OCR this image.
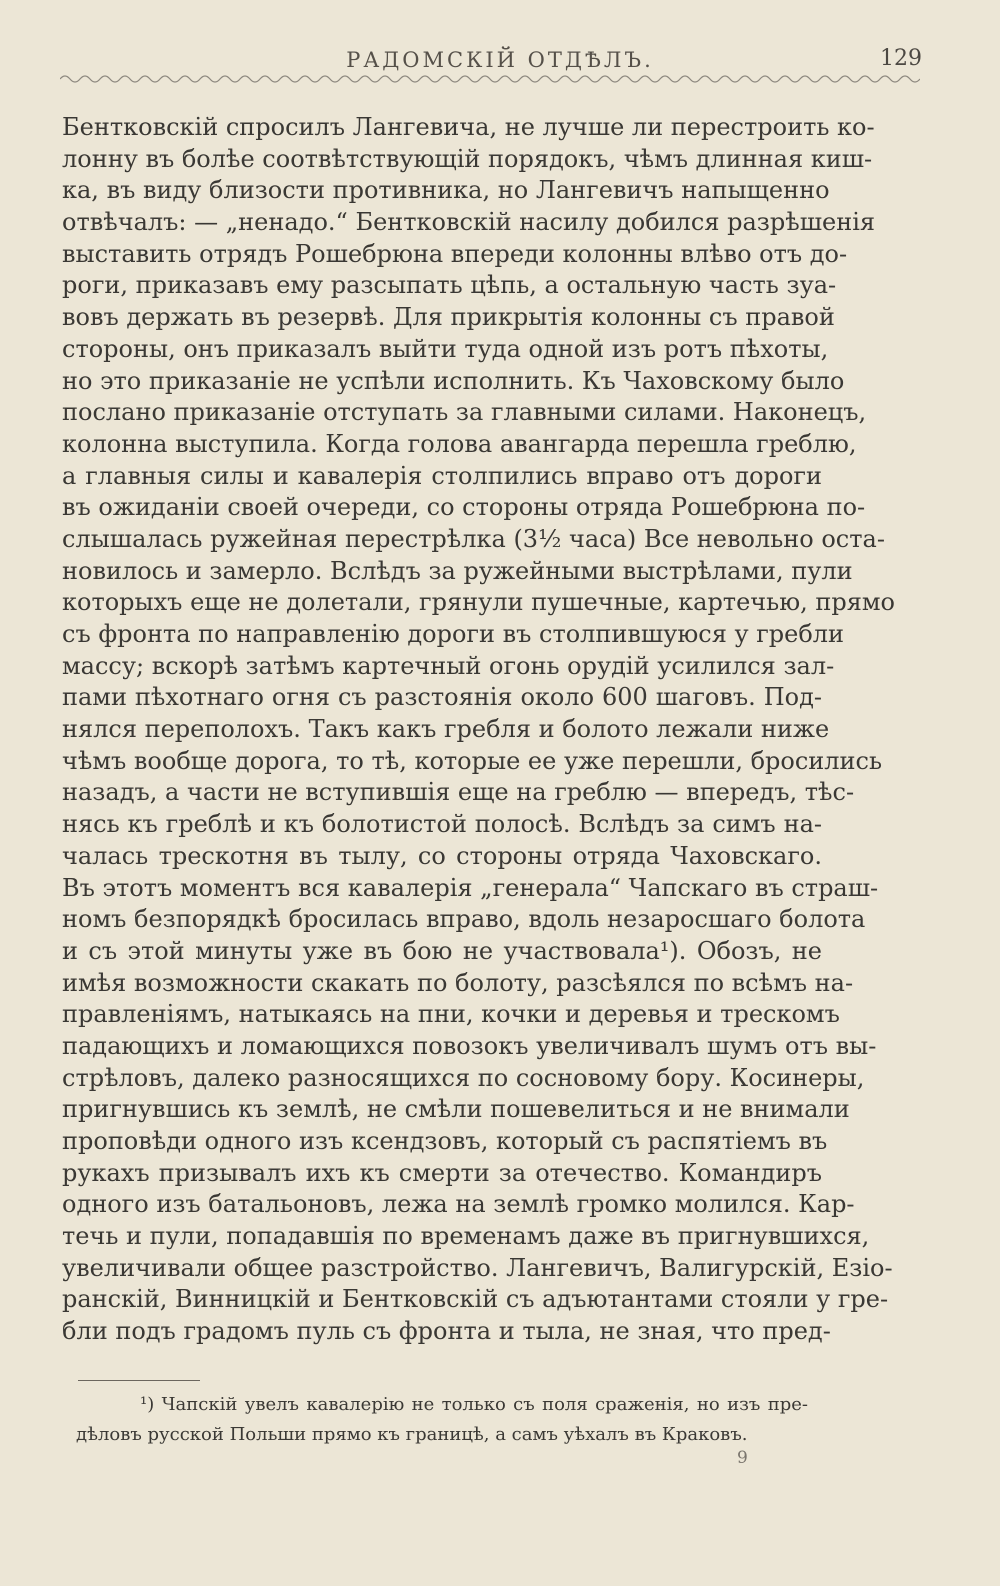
РАДОМСКІЙ ОТДѢЛЪ.	129
Бентковскій спросилъ Лангевича, не лучше ли перестроить ко-
лонну въ болѣе соотвѣтствующій порядокъ, чѣмъ длинная киш-
ка, въ виду близости противника, но Лангевичъ напыщенно
отвѣчалъ: — „ненадо.“ Бентковскій насилу добился разрѣшенія
выставить отрядъ Рошебрюна впереди колонны влѣво отъ до-
роги, приказавъ ему разсыпать цѣпь, а остальную часть зуа-
вовъ держать въ резервѣ. Для прикрытія колонны съ правой
стороны, онъ приказалъ выйти туда одной изъ ротъ пѣхоты,
но это приказаніе не успѣли исполнить. Къ Чаховскому было
послано приказаніе отступать за главными силами. Наконецъ,
колонна выступила. Когда голова авангарда перешла греблю,
а главныя силы и кавалерія столпились вправо отъ дороги
въ ожиданіи своей очереди, со стороны отряда Рошебрюна по-
слышалась ружейная перестрѣлка (3½ часа) Все невольно оста-
новилось и замерло. Вслѣдъ за ружейными выстрѣлами, пули
которыхъ еще не долетали, грянули пушечные, картечью, прямо
съ фронта по направленію дороги въ столпившуюся у гребли
массу; вскорѣ затѣмъ картечный огонь орудій усилился зал-
пами пѣхотнаго огня съ разстоянія около 600 шаговъ. Под-
нялся переполохъ. Такъ какъ гребля и болото лежали ниже
чѣмъ вообще дорога, то тѣ, которые ее уже перешли, бросились
назадъ, а части не вступившія еще на греблю — впередъ, тѣс-
нясь къ греблѣ и къ болотистой полосѣ. Вслѣдъ за симъ на-
чалась трескотня въ тылу, со стороны отряда Чаховскаго.
Въ этотъ моментъ вся кавалерія „генерала“ Чапскаго въ страш-
номъ безпорядкѣ бросилась вправо, вдоль незаросшаго болота
и съ этой минуты уже въ бою не участвовала¹). Обозъ, не
имѣя возможности скакать по болоту, разсѣялся по всѣмъ на-
правленіямъ, натыкаясь на пни, кочки и деревья и трескомъ
падающихъ и ломающихся повозокъ увеличивалъ шумъ отъ вы-
стрѣловъ, далеко разносящихся по сосновому бору. Косинеры,
пригнувшись къ землѣ, не смѣли пошевелиться и не внимали
проповѣди одного изъ ксендзовъ, который съ распятіемъ въ
рукахъ призывалъ ихъ къ смерти за отечество. Командиръ
одного изъ батальоновъ, лежа на землѣ громко молился. Кар-
течь и пули, попадавшія по временамъ даже въ пригнувшихся,
увеличивали общее разстройство. Лангевичъ, Валигурскій, Езіо-
ранскій, Винницкій и Бентковскій съ адъютантами стояли у гре-
бли подъ градомъ пуль съ фронта и тыла, не зная, что пред-
¹) Чапскій увелъ кавалерію не только съ поля сраженія, но изъ пре-
дѣловъ русской Польши прямо къ границѣ, а самъ уѣхалъ въ Краковъ.
9
